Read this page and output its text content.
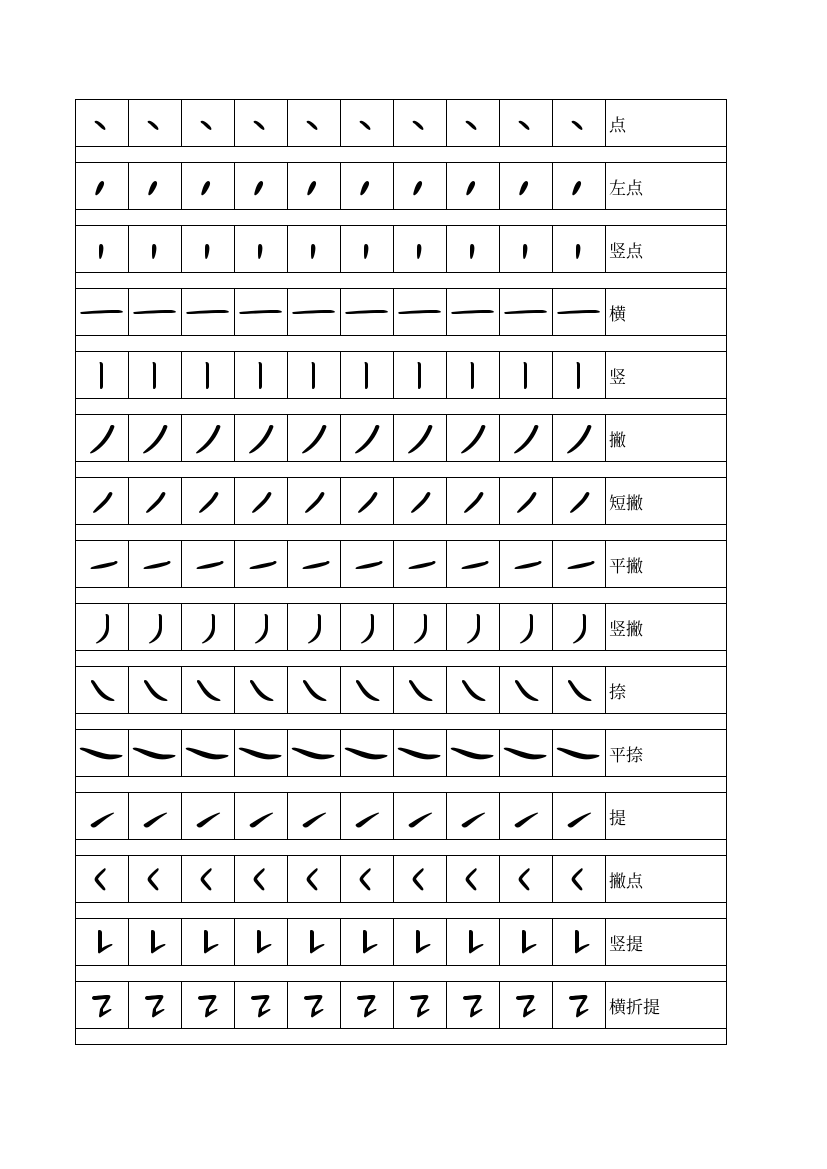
点
左点
竖点
横
竖
撇
短撇
平撇
竖撇
捺
平捺
提
撇点
竖提
横折提
